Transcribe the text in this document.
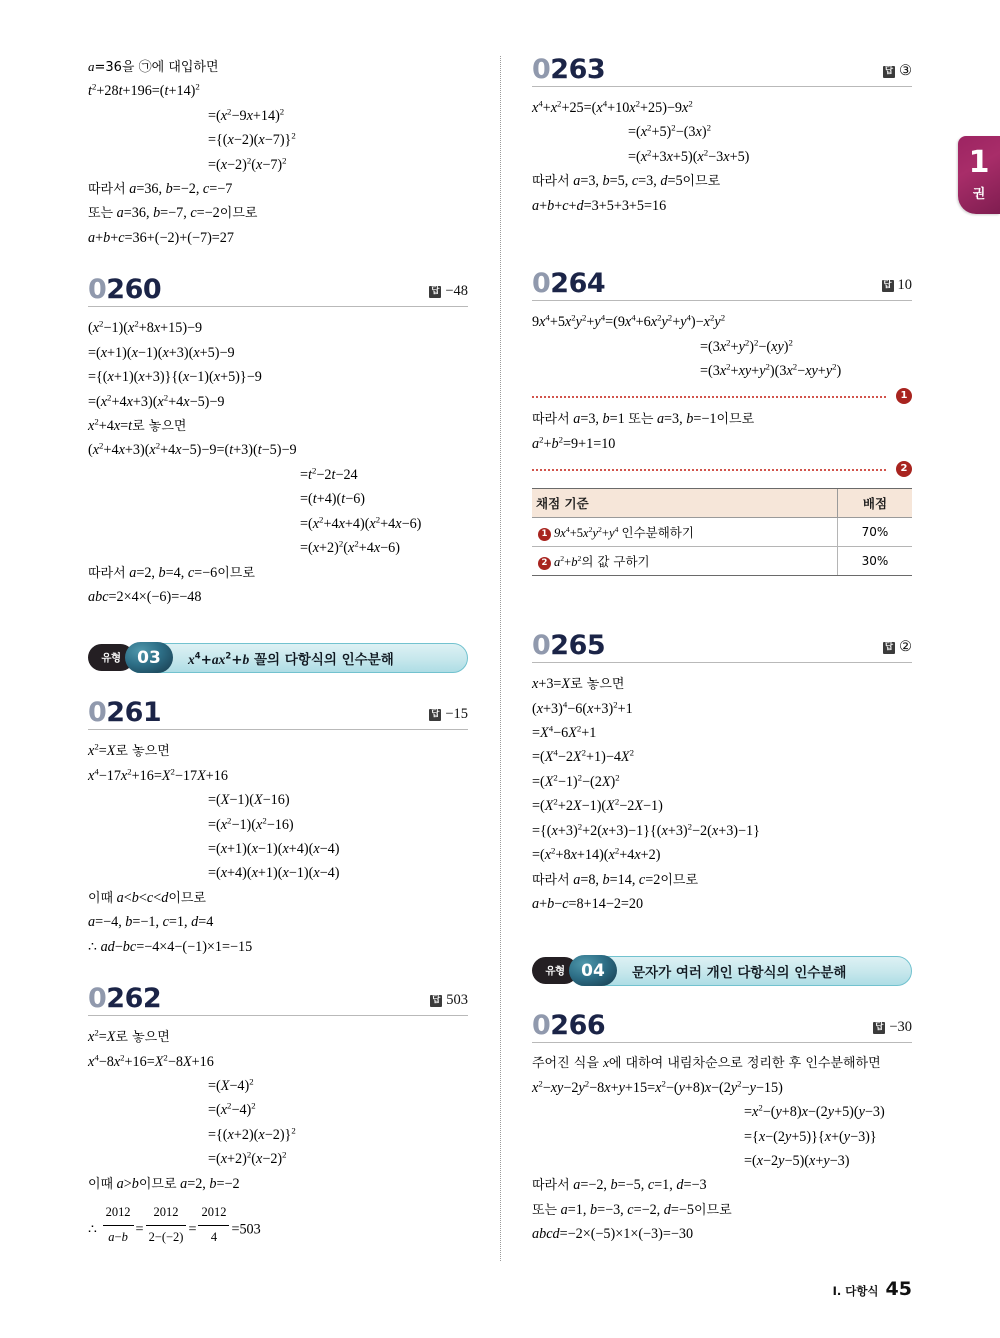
1
권
a=36을 ㉠에 대입하면
$t^2+28t+196=(t+14)^2$
$=(x^2-9x+14)^2$
$=\{(x-2)(x-7)\}^2$
$=(x-2)^2(x-7)^2$
따라서 a=36, b=−2, c=−7
또는 a=36, b=−7, c=−2이므로
a+b+c=36+(−2)+(−7)=27
0260	답 −48
$(x^2-1)(x^2+8x+15)-9$
=(x+1)(x−1)(x+3)(x+5)−9
={(x+1)(x+3)}{(x−1)(x+5)}−9
$=(x^2+4x+3)(x^2+4x-5)-9$
$x^2+4x=t$로 놓으면
$(x^2+4x+3)(x^2+4x-5)-9=(t+3)(t-5)-9$
$=t^2-2t-24$
=(t+4)(t−6)
$=(x^2+4x+4)(x^2+4x-6)$
$=(x+2)^2(x^2+4x-6)$
따라서 a=2, b=4, c=−6이므로
abc=2×4×(−6)=−48
유형 03 $x^4+ax^2+b$ 꼴의 다항식의 인수분해
0261	답 −15
$x^2=X$로 놓으면
$x^4-17x^2+16=X^2-17X+16$
=(X−1)(X−16)
$=(x^2-1)(x^2-16)$
=(x+1)(x−1)(x+4)(x−4)
=(x+4)(x+1)(x−1)(x−4)
이때 a<b<c<d이므로
a=−4, b=−1, c=1, d=4
∴ ad−bc=−4×4−(−1)×1=−15
0262	답 503
$x^2=X$로 놓으면
$x^4-8x^2+16=X^2-8X+16$
$=(X-4)^2$
$=(x^2-4)^2$
$=\{(x+2)(x-2)\}^2$
$=(x+2)^2(x-2)^2$
이때 a>b이므로 a=2, b=−2
∴ $\frac{2012}{a-b} = \frac{2012}{2-(-2)} = \frac{2012}{4} =503$
0263	답 ③
$x^4+x^2+25=(x^4+10x^2+25)-9x^2$
$=(x^2+5)^2-(3x)^2$
$=(x^2+3x+5)(x^2-3x+5)$
따라서 a=3, b=5, c=3, d=5이므로
a+b+c+d=3+5+3+5=16
0264	답 10
$9x^4+5x^2y^2+y^4=(9x^4+6x^2y^2+y^4)-x^2y^2$
$=(3x^2+y^2)^2-(xy)^2$
$=(3x^2+xy+y^2)(3x^2-xy+y^2)$
1
따라서 a=3, b=1 또는 a=3, b=−1이므로
$a^2+b^2=9+1=10$
2
채점 기준	배점
1 $9x^4+5x^2y^2+y^4$ 인수분해하기	70%
2 $a^2+b^2$의 값 구하기	30%
0265	답 ②
x+3=X로 놓으면
$(x+3)^4-6(x+3)^2+1$
$=X^4-6X^2+1$
$=(X^4-2X^2+1)-4X^2$
$=(X^2-1)^2-(2X)^2$
$=(X^2+2X-1)(X^2-2X-1)$
$=\{(x+3)^2+2(x+3)-1\}\{(x+3)^2-2(x+3)-1\}$
$=(x^2+8x+14)(x^2+4x+2)$
따라서 a=8, b=14, c=2이므로
a+b−c=8+14−2=20
유형 04 문자가 여러 개인 다항식의 인수분해
0266	답 −30
주어진 식을 x에 대하여 내림차순으로 정리한 후 인수분해하면
$x^2-xy-2y^2-8x+y+15=x^2-(y+8)x-(2y^2-y-15)$
$=x^2-(y+8)x-(2y+5)(y-3)$
={x−(2y+5)}{x+(y−3)}
=(x−2y−5)(x+y−3)
따라서 a=−2, b=−5, c=1, d=−3
또는 a=1, b=−3, c=−2, d=−5이므로
abcd=−2×(−5)×1×(−3)=−30
Ⅰ. 다항식 45
